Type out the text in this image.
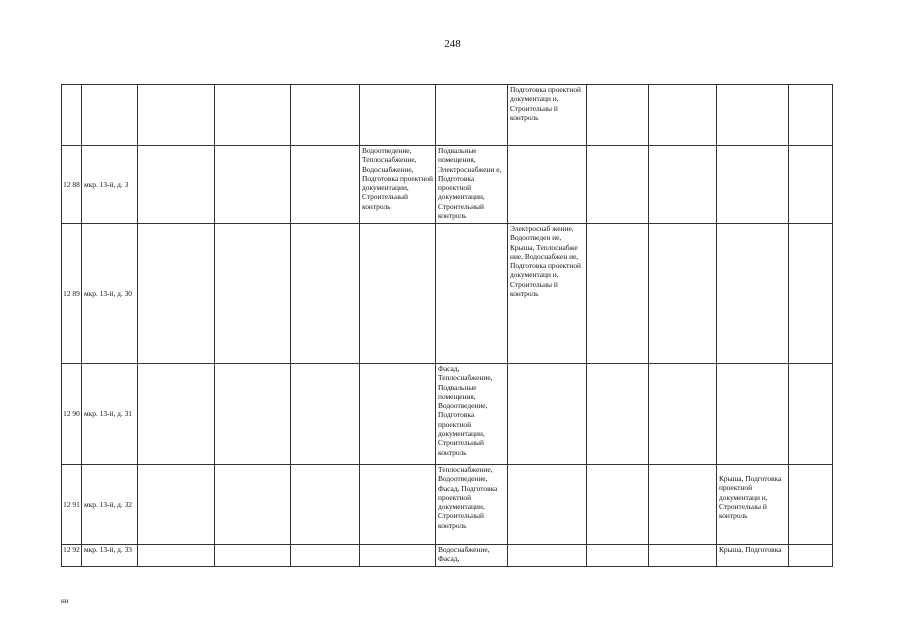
248
							Подготовка проектной документаци и, Строительны й контроль				
12 88	мкр. 13-й, д. 3				Водоотведение, Теплоснабжение, Водоснабжение, Подготовка проектной документации, Строительный контроль	Подвальные помещения, Электроснабжени е, Подготовка проектной документации, Строительный контроль					
12 89	мкр. 13-й, д. 30						Электроснаб жение, Водоотведен ие, Крыша, Теплоснабже ние, Водоснабжен ие, Подготовка проектной документаци и, Строительны й контроль				
12 90	мкр. 13-й, д. 31					Фасад, Теплоснабжение, Подвальные помещения, Водоотведение, Подготовка проектной документации, Строительный контроль					
12 91	мкр. 13-й, д. 32					Теплоснабжение, Водоотведение, Фасад, Подготовка проектной документации, Строительный контроль				Крыша, Подготовка проектной документаци и, Строительны й контроль	
12 92	мкр. 13-й, д. 33					Водоснабжение, Фасад,				Крыша, Подготовка	
нн
